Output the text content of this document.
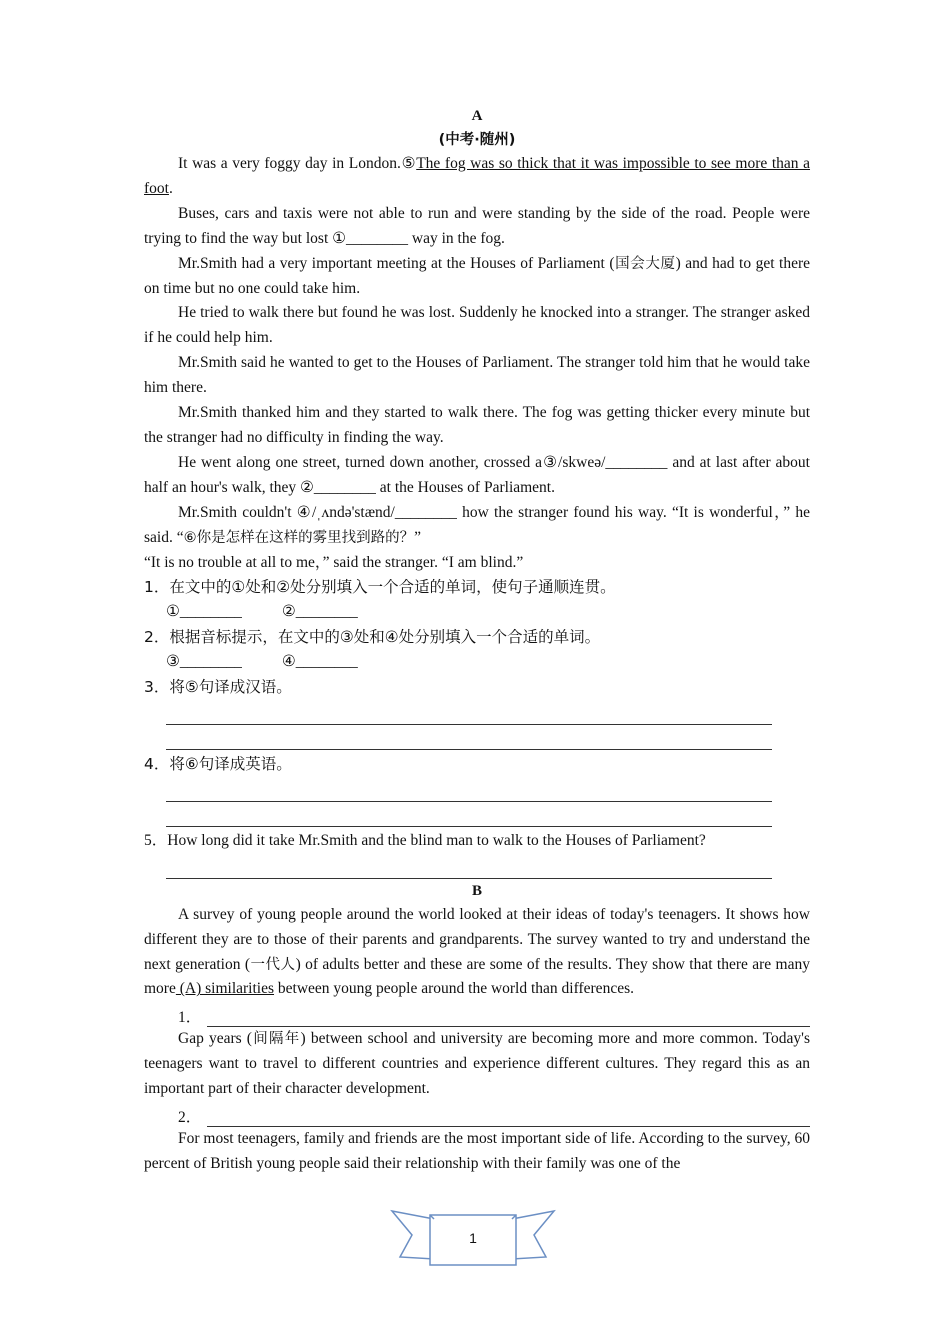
A
(中考·随州)

It was a very foggy day in London.⑤The fog was so thick that it was impossible to see more than a foot.

Buses, cars and taxis were not able to run and were standing by the side of the road. People were trying to find the way but lost ①________ way in the fog.

Mr.Smith had a very important meeting at the Houses of Parliament (国会大厦) and had to get there on time but no one could take him.

He tried to walk there but found he was lost. Suddenly he knocked into a stranger. The stranger asked if he could help him.

Mr.Smith said he wanted to get to the Houses of Parliament. The stranger told him that he would take him there.

Mr.Smith thanked him and they started to walk there. The fog was getting thicker every minute but the stranger had no difficulty in finding the way.

He went along one street, turned down another, crossed a③/skweə/________ and at last after about half an hour's walk, they ②________ at the Houses of Parliament.

Mr.Smith couldn't ④/ˌʌndə'stænd/________ how the stranger found his way. “It is wonderful，” he said. “⑥你是怎样在这样的雾里找到路的？”

“It is no trouble at all to me，” said the stranger. “I am blind.”

1．在文中的①处和②处分别填入一个合适的单词，使句子通顺连贯。
①________	②________
2．根据音标提示，在文中的③处和④处分别填入一个合适的单词。
③________	④________
3．将⑤句译成汉语。
4．将⑥句译成英语。
5．How long did it take Mr.Smith and the blind man to walk to the Houses of Parliament?
B

A survey of young people around the world looked at their ideas of today's teenagers. It shows how different they are to those of their parents and grandparents. The survey wanted to try and understand the next generation (一代人) of adults better and these are some of the results. They show that there are many more (A) similarities between young people around the world than differences.

1．

Gap years (间隔年) between school and university are becoming more and more common. Today's teenagers want to travel to different countries and experience different cultures. They regard this as an important part of their character development.

2．

For most teenagers, family and friends are the most important side of life. According to the survey, 60 percent of British young people said their relationship with their family was one of the

1
